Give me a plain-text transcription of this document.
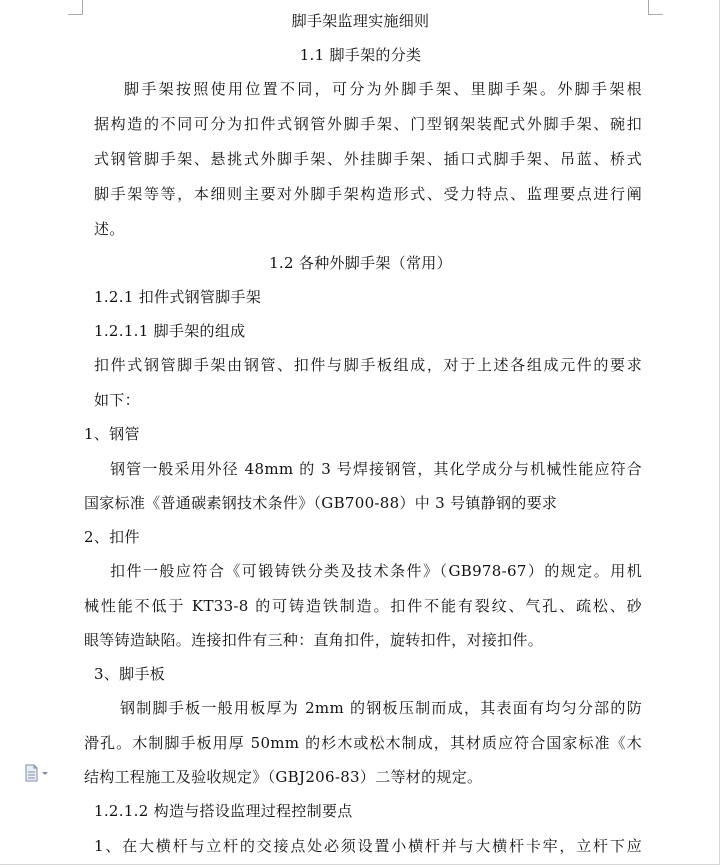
脚手架监理实施细则
1.1 脚手架的分类
脚手架按照使用位置不同，可分为外脚手架、里脚手架。外脚手架根
据构造的不同可分为扣件式钢管外脚手架、门型钢架装配式外脚手架、碗扣
式钢管脚手架、悬挑式外脚手架、外挂脚手架、插口式脚手架、吊蓝、桥式
脚手架等等，本细则主要对外脚手架构造形式、受力特点、监理要点进行阐
述。
1.2 各种外脚手架（常用）
1.2.1 扣件式钢管脚手架
1.2.1.1 脚手架的组成
扣件式钢管脚手架由钢管、扣件与脚手板组成，对于上述各组成元件的要求
如下：
1、钢管
钢管一般采用外径 48mm 的 3 号焊接钢管，其化学成分与机械性能应符合
国家标准《普通碳素钢技术条件》（GB700-88）中 3 号镇静钢的要求
2、扣件
扣件一般应符合《可锻铸铁分类及技术条件》（GB978-67）的规定。用机
械性能不低于 KT33-8 的可铸造铁制造。扣件不能有裂纹、气孔、疏松、砂
眼等铸造缺陷。连接扣件有三种：直角扣件，旋转扣件，对接扣件。
3、脚手板
钢制脚手板一般用板厚为 2mm 的钢板压制而成，其表面有均匀分部的防
滑孔。木制脚手板用厚 50mm 的杉木或松木制成，其材质应符合国家标准《木
结构工程施工及验收规定》（GBJ206-83）二等材的规定。
1.2.1.2 构造与搭设监理过程控制要点
1、在大横杆与立杆的交接点处必须设置小横杆并与大横杆卡牢，立杆下应
